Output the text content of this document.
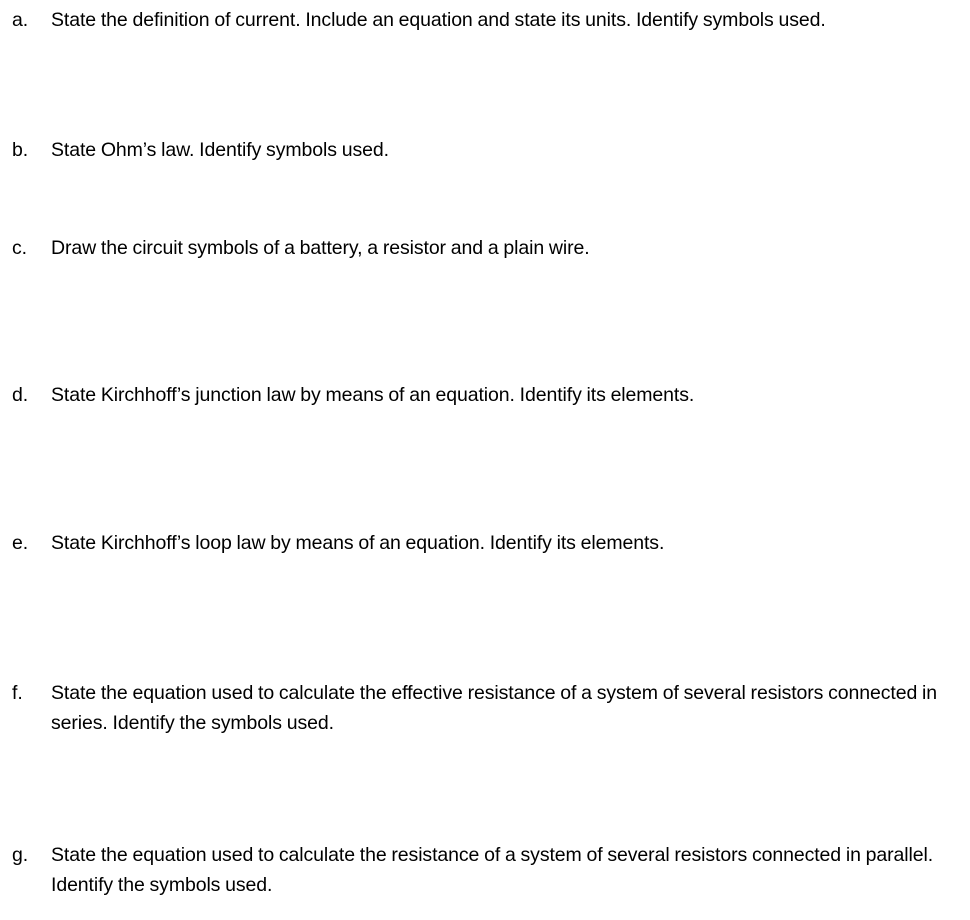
a.	State the definition of current. Include an equation and state its units. Identify symbols used.
b.	State Ohm’s law. Identify symbols used.
c.	Draw the circuit symbols of a battery, a resistor and a plain wire.
d.	State Kirchhoff’s junction law by means of an equation. Identify its elements.
e.	State Kirchhoff’s loop law by means of an equation. Identify its elements.
f.	State the equation used to calculate the effective resistance of a system of several resistors connected in series. Identify the symbols used.
g.	State the equation used to calculate the resistance of a system of several resistors connected in parallel. Identify the symbols used.
